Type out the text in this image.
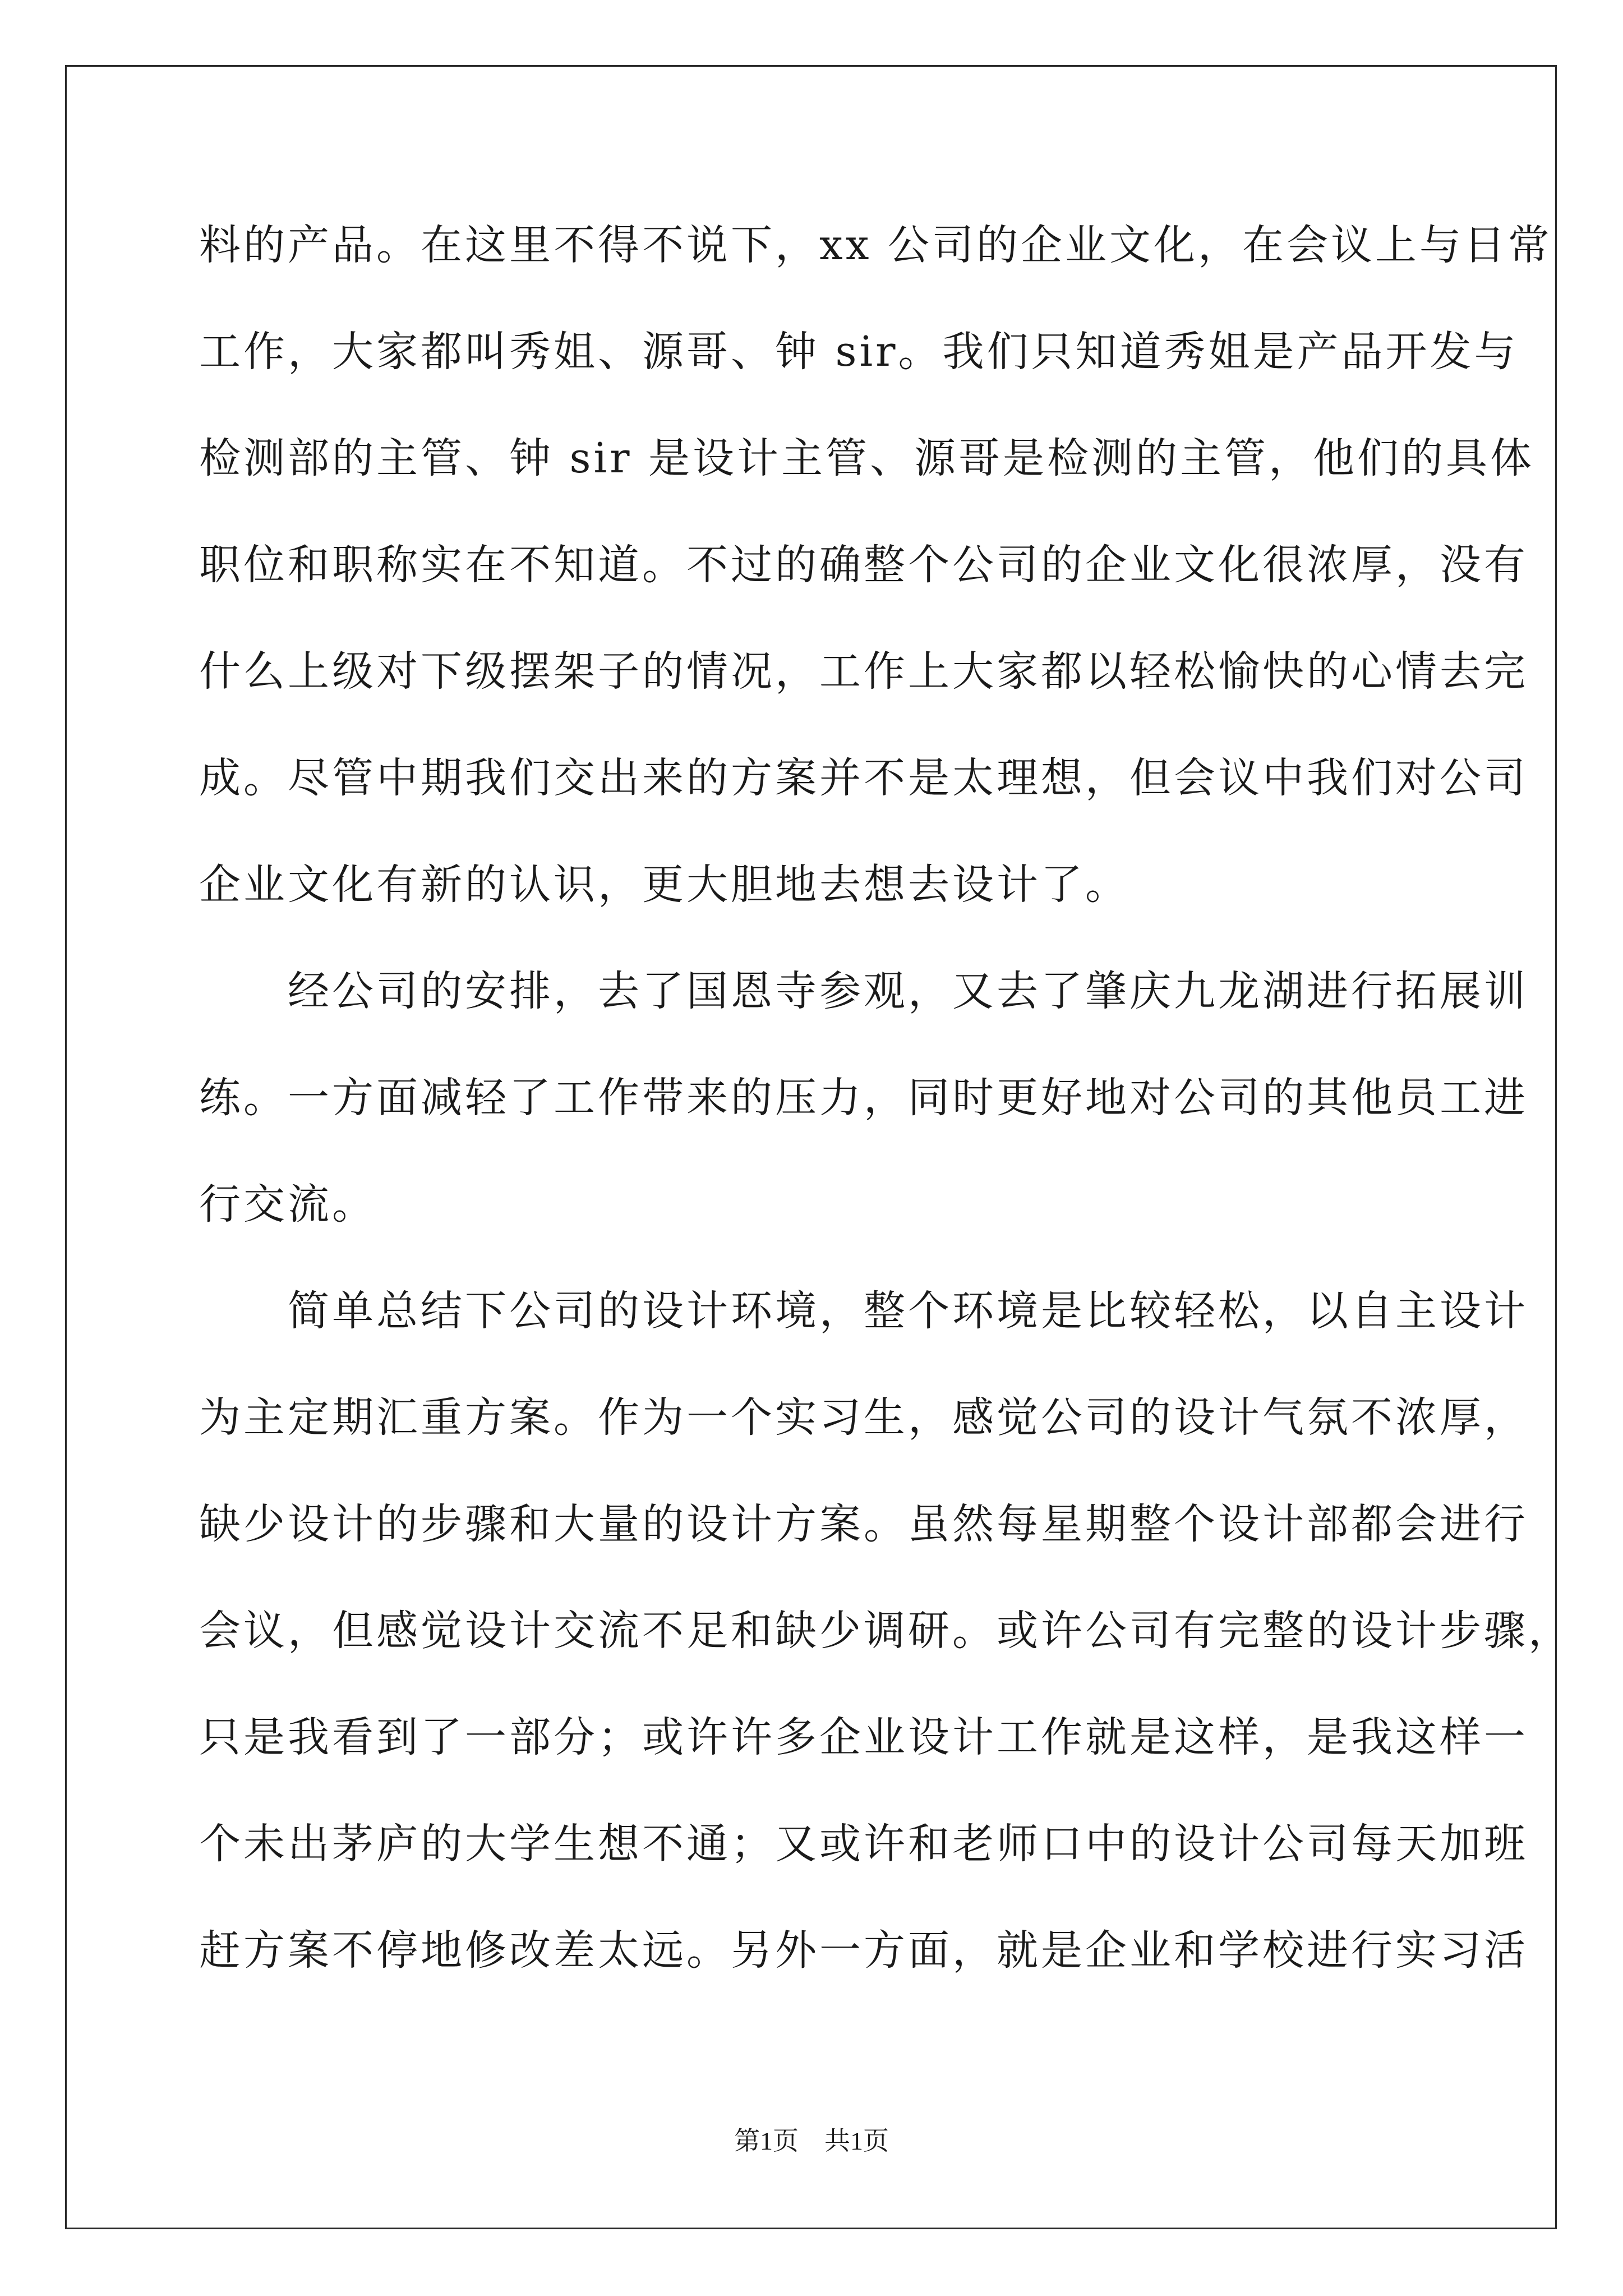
料的产品。在这里不得不说下，xx 公司的企业文化，在会议上与日常
工作，大家都叫秀姐、源哥、钟 sir。我们只知道秀姐是产品开发与
检测部的主管、钟 sir 是设计主管、源哥是检测的主管，他们的具体
职位和职称实在不知道。不过的确整个公司的企业文化很浓厚，没有
什么上级对下级摆架子的情况，工作上大家都以轻松愉快的心情去完
成。尽管中期我们交出来的方案并不是太理想，但会议中我们对公司
企业文化有新的认识，更大胆地去想去设计了。
　　经公司的安排，去了国恩寺参观，又去了肇庆九龙湖进行拓展训
练。一方面减轻了工作带来的压力，同时更好地对公司的其他员工进
行交流。
　　简单总结下公司的设计环境，整个环境是比较轻松，以自主设计
为主定期汇重方案。作为一个实习生，感觉公司的设计气氛不浓厚，
缺少设计的步骤和大量的设计方案。虽然每星期整个设计部都会进行
会议，但感觉设计交流不足和缺少调研。或许公司有完整的设计步骤，
只是我看到了一部分；或许许多企业设计工作就是这样，是我这样一
个未出茅庐的大学生想不通；又或许和老师口中的设计公司每天加班
赶方案不停地修改差太远。另外一方面，就是企业和学校进行实习活
第1页　共1页
